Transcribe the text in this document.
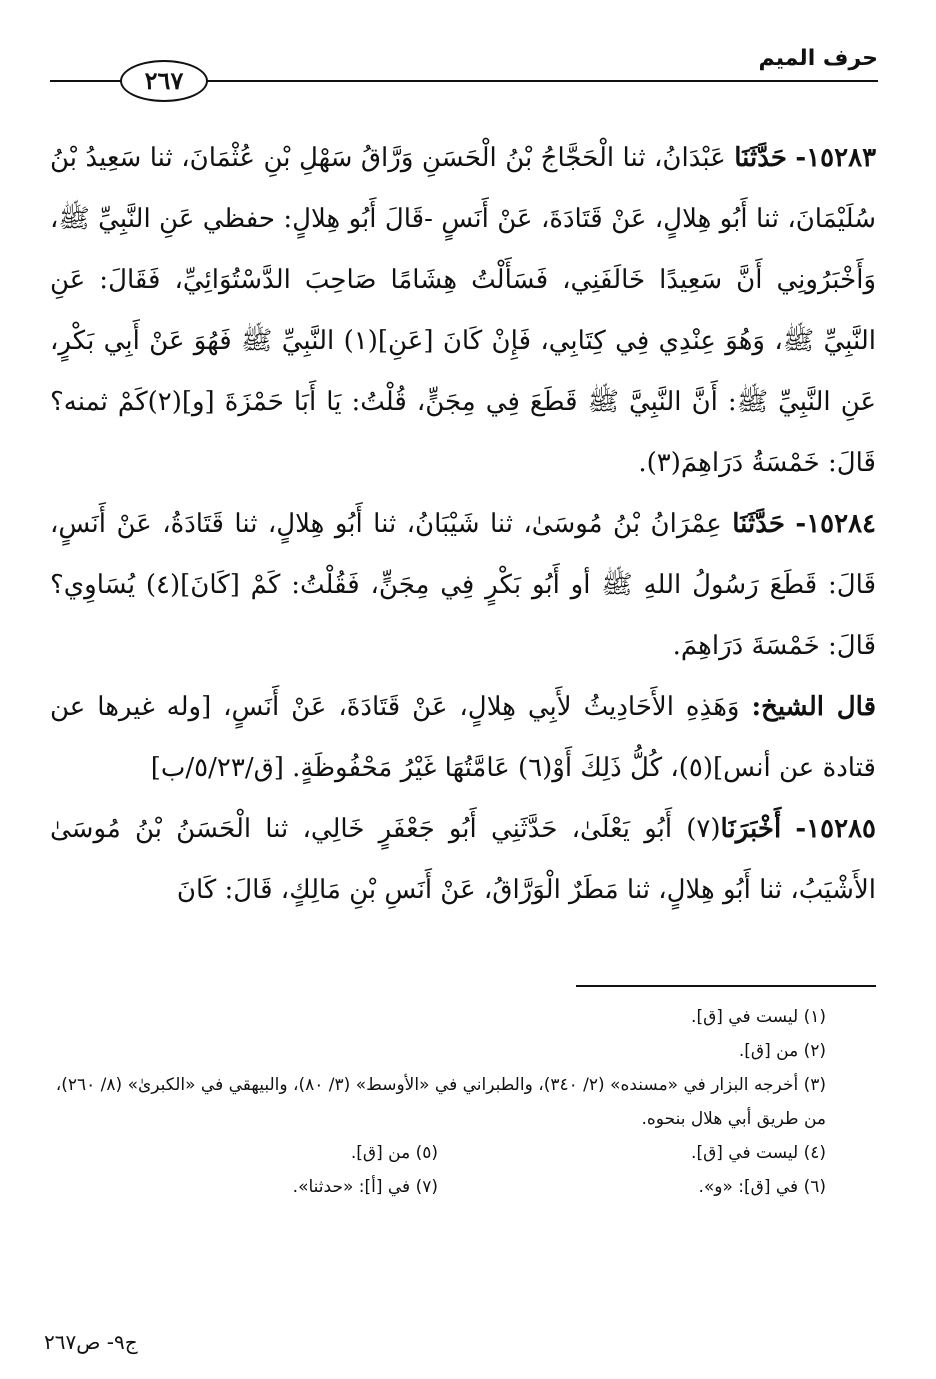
حرف الميم
٢٦٧

١٥٢٨٣- حَدَّثَنَا عَبْدَانُ، ثنا الْحَجَّاجُ بْنُ الْحَسَنِ وَرَّاقُ سَهْلِ بْنِ عُثْمَانَ، ثنا سَعِيدُ بْنُ سُلَيْمَانَ، ثنا أَبُو هِلالٍ، عَنْ قَتَادَةَ، عَنْ أَنَسٍ -قَالَ أَبُو هِلالٍ: حفظي عَنِ النَّبِيِّ ﷺ، وَأَخْبَرُونِي أَنَّ سَعِيدًا خَالَفَنِي، فَسَأَلْتُ هِشَامًا صَاحِبَ الدَّسْتُوَائِيِّ، فَقَالَ: عَنِ النَّبِيِّ ﷺ، وَهُوَ عِنْدِي فِي كِتَابِي، فَإِنْ كَانَ [عَنِ](١) النَّبِيِّ ﷺ فَهُوَ عَنْ أَبِي بَكْرٍ، عَنِ النَّبِيِّ ﷺ: أَنَّ النَّبِيَّ ﷺ قَطَعَ فِي مِجَنٍّ، قُلْتُ: يَا أَبَا حَمْزَةَ [و](٢)كَمْ ثمنه؟ قَالَ: خَمْسَةُ دَرَاهِمَ(٣).

١٥٢٨٤- حَدَّثَنَا عِمْرَانُ بْنُ مُوسَىٰ، ثنا شَيْبَانُ، ثنا أَبُو هِلالٍ، ثنا قَتَادَةُ، عَنْ أَنَسٍ، قَالَ: قَطَعَ رَسُولُ اللهِ ﷺ أو أَبُو بَكْرٍ فِي مِجَنٍّ، فَقُلْتُ: كَمْ [كَانَ](٤) يُسَاوِي؟ قَالَ: خَمْسَةَ دَرَاهِمَ.

قال الشيخ: وَهَذِهِ الأَحَادِيثُ لأَبِي هِلالٍ، عَنْ قَتَادَةَ، عَنْ أَنَسٍ، [وله غيرها عن قتادة عن أنس](٥)، كُلُّ ذَلِكَ أَوْ(٦) عَامَّتُهَا غَيْرُ مَحْفُوظَةٍ. [ق/٥/٢٣/ب]

١٥٢٨٥- أَخْبَرَنَا(٧) أَبُو يَعْلَىٰ، حَدَّثَنِي أَبُو جَعْفَرٍ خَالِي، ثنا الْحَسَنُ بْنُ مُوسَىٰ الأَشْيَبُ، ثنا أَبُو هِلالٍ، ثنا مَطَرٌ الْوَرَّاقُ، عَنْ أَنَسِ بْنِ مَالِكٍ، قَالَ: كَانَ

(١) ليست في [ق].

(٢) من [ق].

(٣) أخرجه البزار في «مسنده» (٢/ ٣٤٠)، والطبراني في «الأوسط» (٣/ ٨٠)، والبيهقي في «الكبرىٰ» (٨/ ٢٦٠)، من طريق أبي هلال بنحوه.

(٤) ليست في [ق].
(٥) من [ق].
(٦) في [ق]: «و».
(٧) في [أ]: «حدثنا».
ج٩- ص٢٦٧
